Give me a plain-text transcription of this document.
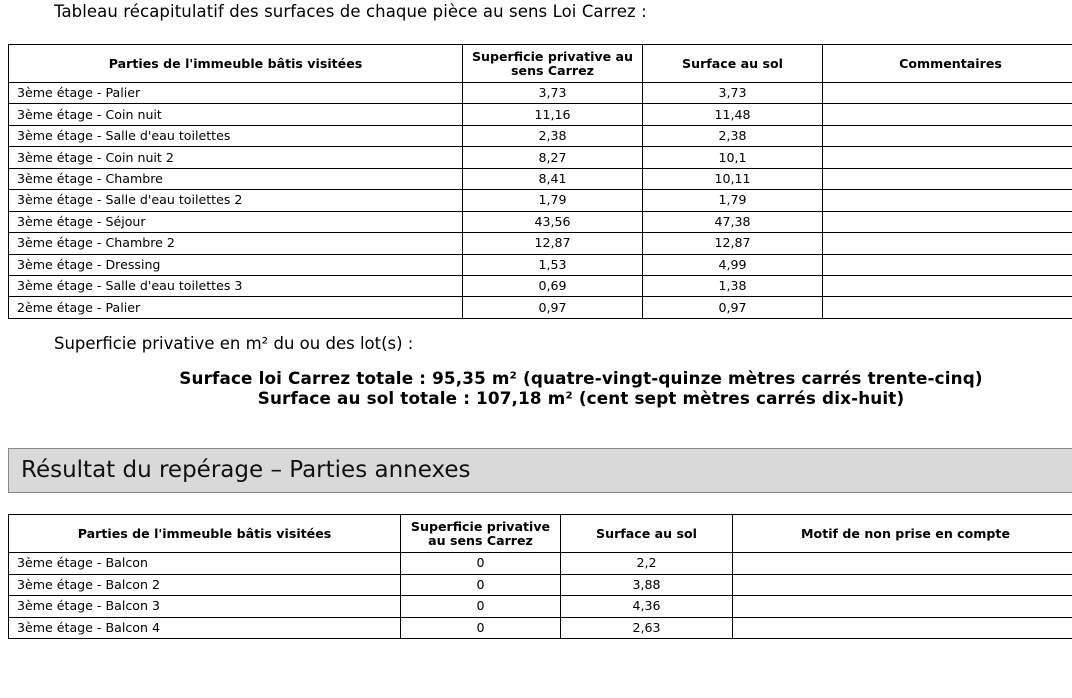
Tableau récapitulatif des surfaces de chaque pièce au sens Loi Carrez :

Parties de l'immeuble bâtis visitées	Superficie privative au sens Carrez	Surface au sol	Commentaires
3ème étage - Palier	3,73	3,73	
3ème étage - Coin nuit	11,16	11,48	
3ème étage - Salle d'eau toilettes	2,38	2,38	
3ème étage - Coin nuit 2	8,27	10,1	
3ème étage - Chambre	8,41	10,11	
3ème étage - Salle d'eau toilettes 2	1,79	1,79	
3ème étage - Séjour	43,56	47,38	
3ème étage - Chambre 2	12,87	12,87	
3ème étage - Dressing	1,53	4,99	
3ème étage - Salle d'eau toilettes 3	0,69	1,38	
2ème étage - Palier	0,97	0,97	

Superficie privative en m² du ou des lot(s) :

Surface loi Carrez totale : 95,35 m² (quatre-vingt-quinze mètres carrés trente-cinq)

Surface au sol totale : 107,18 m² (cent sept mètres carrés dix-huit)

Résultat du repérage – Parties annexes
Parties de l'immeuble bâtis visitées	Superficie privative au sens Carrez	Surface au sol	Motif de non prise en compte
3ème étage - Balcon	0	2,2	
3ème étage - Balcon 2	0	3,88	
3ème étage - Balcon 3	0	4,36	
3ème étage - Balcon 4	0	2,63	
